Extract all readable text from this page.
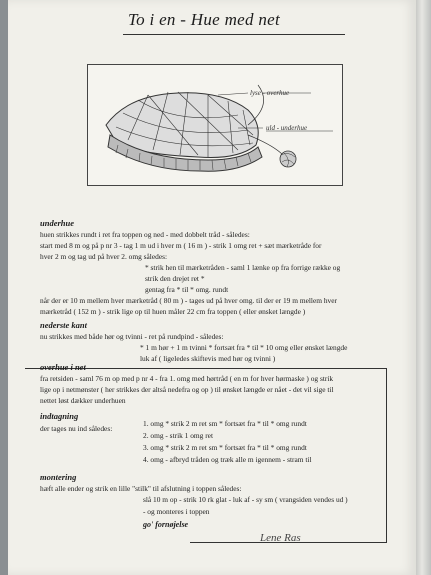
To i en - Hue med net
lyse - overhue
uld - underhue
underhue
huen strikkes rundt i ret fra toppen og ned - med dobbelt tråd - således:
start med 8 m og på p nr 3 - tag 1 m ud i hver m ( 16 m ) - strik 1 omg ret + sæt mærketråde for
hver 2 m og tag ud på hver 2. omg således:
* strik hen til mærketråden - saml 1 lænke op fra forrige række og
strik den drejet ret *
gentag fra * til * omg. rundt
når der er 10 m mellem hver mærketråd ( 80 m ) - tages ud på hver omg. til der er 19 m mellem hver
mærketråd ( 152 m ) - strik lige op til huen måler 22 cm fra toppen ( eller ønsket længde )
nederste kant
nu strikkes med både hør og tvinni - ret på rundpind - således:
* 1 m hør + 1 m tvinni * fortsæt fra * til * 10 omg eller ønsket længde
luk af ( ligeledes skiftevis med hør og tvinni )
overhue i net
fra retsiden - saml 76 m op med p nr 4 - fra 1. omg med hørtråd ( en m for hver hørmaske ) og strik
lige op i netmønster ( her strikkes der altså nedefra og op ) til ønsket længde er nået - det vil sige til
nettet løst dækker underhuen
indtagning
der tages nu ind således:
1. omg * strik 2 m ret sm * fortsæt fra * til * omg rundt
2. omg - strik 1 omg ret
3. omg * strik 2 m ret sm * fortsæt fra * til * omg rundt
4. omg - afbryd tråden og træk alle m igennem - stram til
montering
hæft alle ender og strik en lille "stilk" til afslutning i toppen således:
slå 10 m op - strik 10 rk glat - luk af - sy sm ( vrangsiden vendes ud )
- og monteres i toppen
go' fornøjelse
Lene Ras
